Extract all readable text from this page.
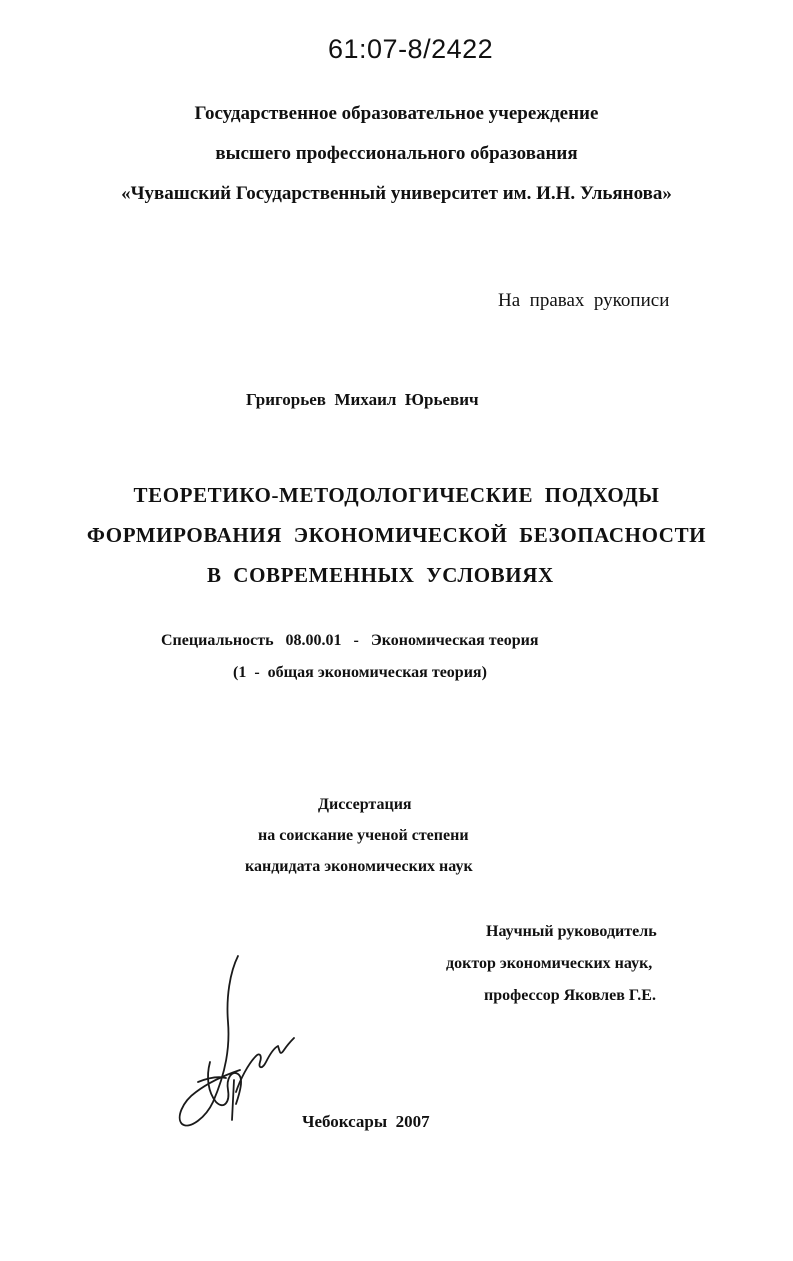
61:07-8/2422
Государственное образовательное учереждение
высшего профессионального образования
«Чувашский Государственный университет им. И.Н. Ульянова»
На  правах  рукописи
Григорьев  Михаил  Юрьевич
ТЕОРЕТИКО-МЕТОДОЛОГИЧЕСКИЕ  ПОДХОДЫ
ФОРМИРОВАНИЯ  ЭКОНОМИЧЕСКОЙ  БЕЗОПАСНОСТИ
В  СОВРЕМЕННЫХ  УСЛОВИЯХ
Специальность   08.00.01   -   Экономическая теория
(1  -  общая экономическая теория)
Диссертация
на соискание ученой степени
кандидата экономических наук
Научный руководитель
доктор экономических наук,
профессор Яковлев Г.Е.
Чебоксары  2007
